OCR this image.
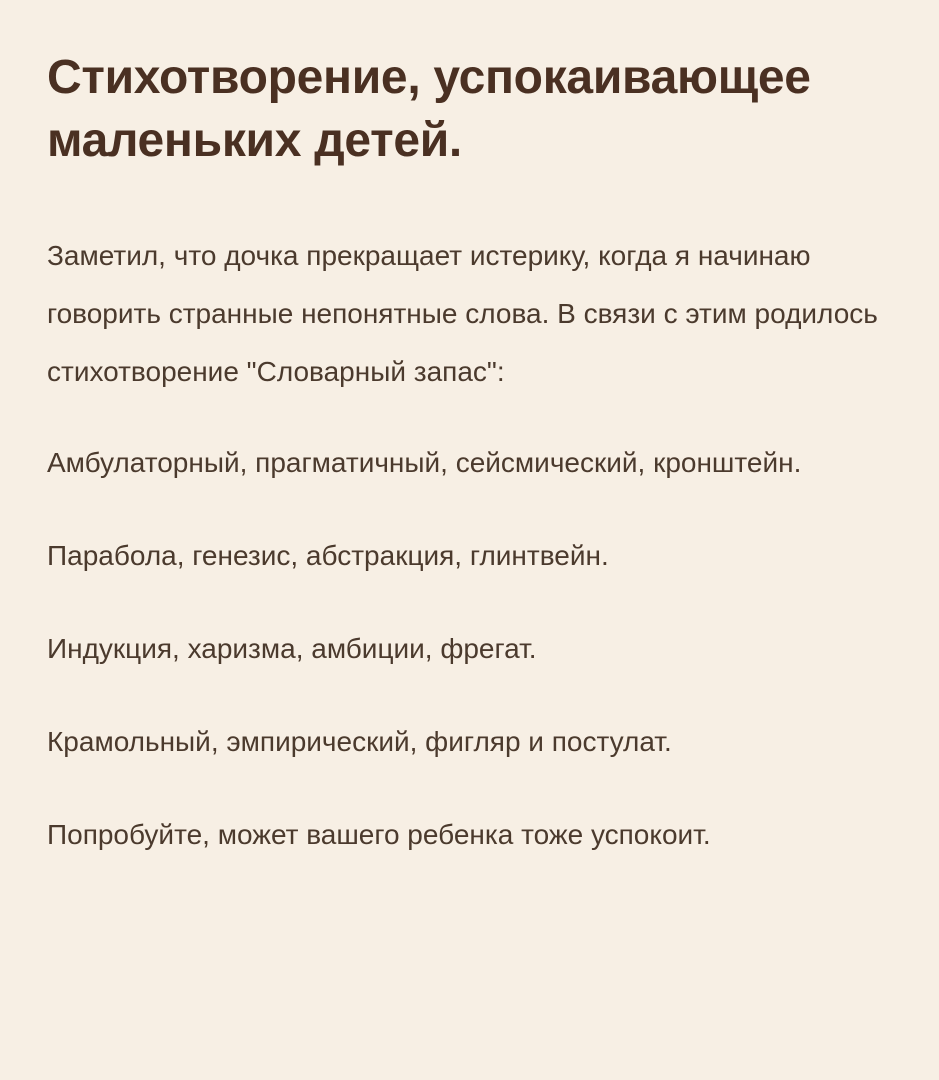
Стихотворение, успокаивающее маленьких детей.

Заметил, что дочка прекращает истерику, когда я начинаю говорить странные непонятные слова. В связи с этим родилось стихотворение "Словарный запас":

Амбулаторный, прагматичный, сейсмический, кронштейн.

Парабола, генезис, абстракция, глинтвейн.

Индукция, харизма, амбиции, фрегат.

Крамольный, эмпирический, фигляр и постулат.

Попробуйте, может вашего ребенка тоже успокоит.
